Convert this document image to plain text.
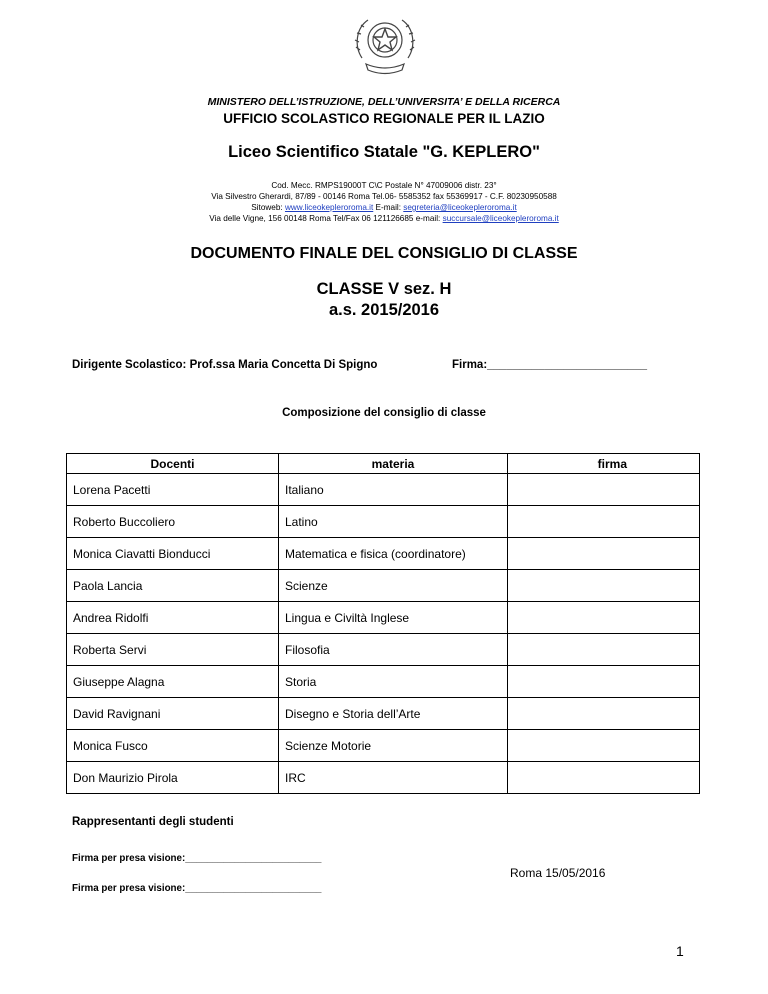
MINISTERO DELL’ISTRUZIONE, DELL’UNIVERSITA’ E DELLA RICERCA
UFFICIO SCOLASTICO REGIONALE PER IL LAZIO
Liceo Scientifico Statale "G. KEPLERO"
Cod. Mecc. RMPS19000T C\C Postale N° 47009006 distr. 23°
Via Silvestro Gherardi, 87/89 - 00146 Roma Tel.06- 5585352 fax 55369917 - C.F. 80230950588
Sitoweb: www.liceokepleroroma.it E-mail: segreteria@liceokepleroroma.it
Via delle Vigne, 156 00148 Roma Tel/Fax 06 121126685 e-mail: succursale@liceokepleroroma.it
DOCUMENTO FINALE DEL CONSIGLIO DI CLASSE
CLASSE V sez. H
a.s. 2015/2016
Dirigente Scolastico: Prof.ssa Maria Concetta Di Spigno	Firma:_________________________
Composizione del consiglio di classe
Docenti	materia	firma
Lorena Pacetti	Italiano	
Roberto Buccoliero	Latino	
Monica Ciavatti Bionducci	Matematica e fisica (coordinatore)	
Paola Lancia	Scienze	
Andrea Ridolfi	Lingua e Civiltà Inglese	
Roberta Servi	Filosofia	
Giuseppe Alagna	Storia	
David Ravignani	Disegno e Storia dell’Arte	
Monica Fusco	Scienze Motorie	
Don Maurizio Pirola	IRC	
Rappresentanti degli studenti
Firma per presa visione:_________________________
Firma per presa visione:_________________________
Roma 15/05/2016
1
